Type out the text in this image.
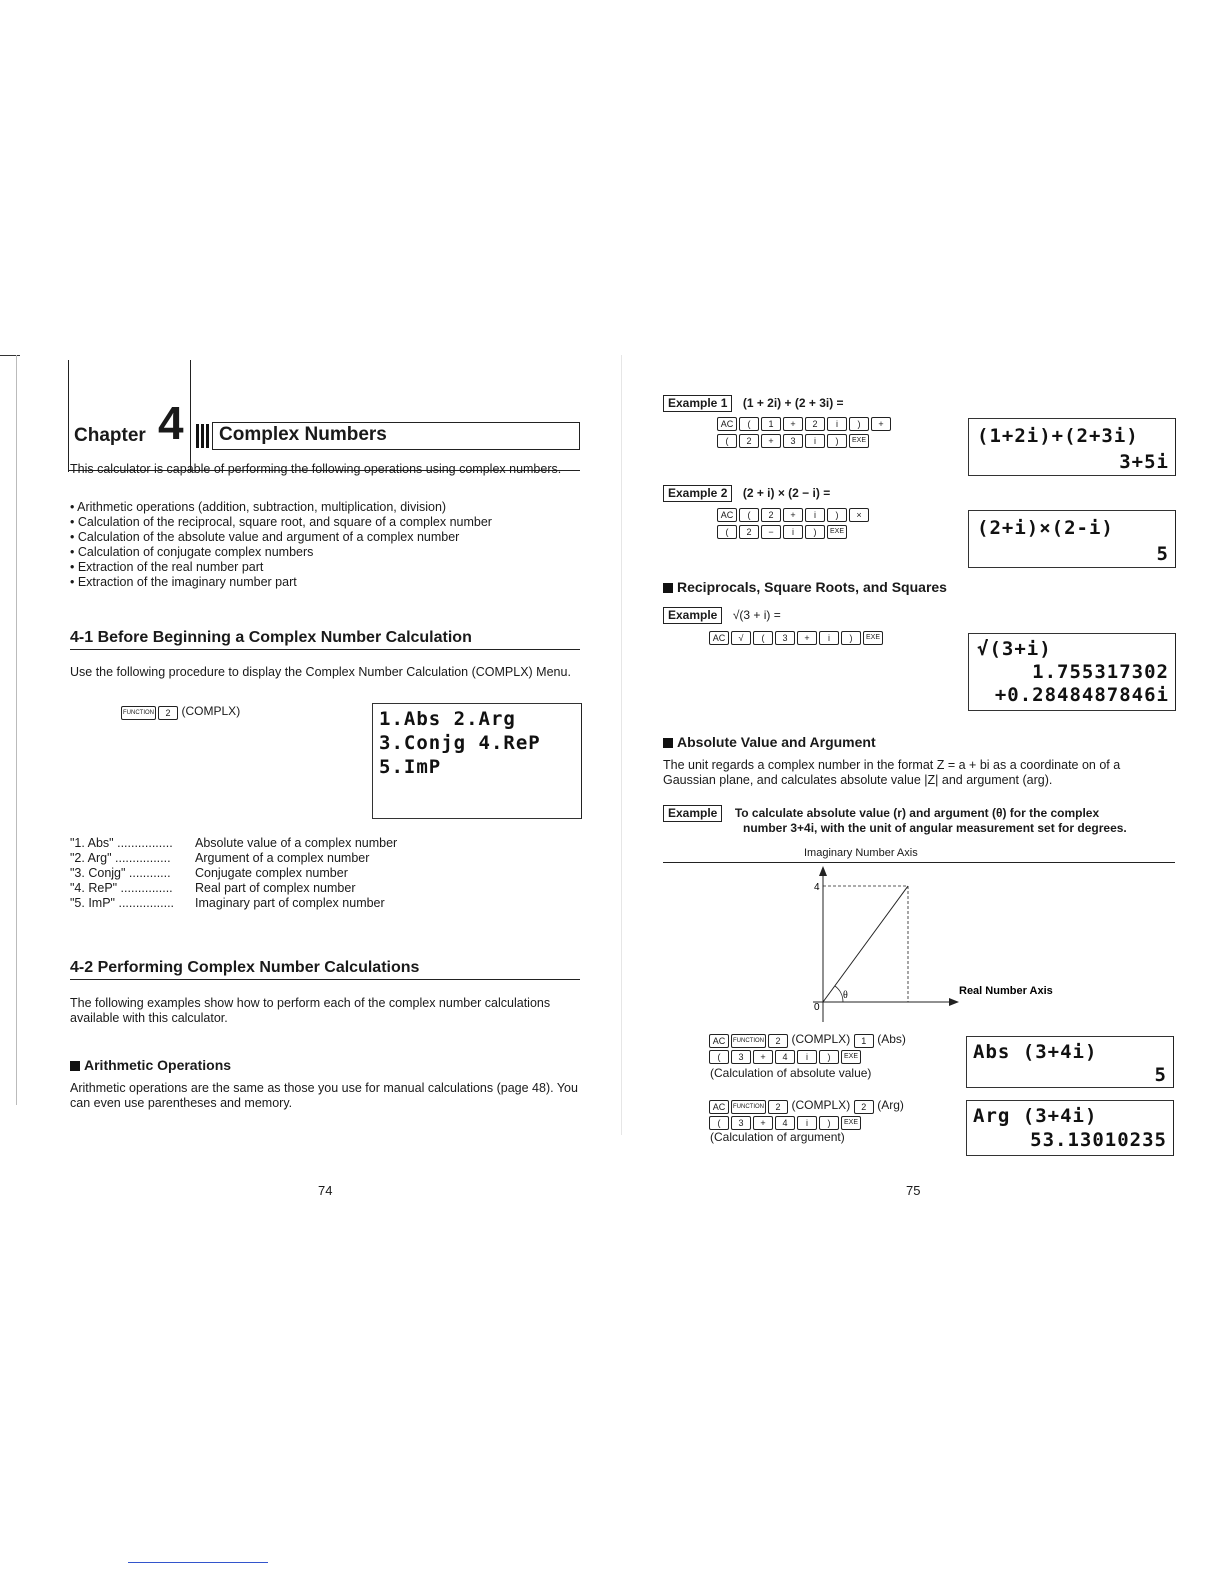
Chapter 4 Complex Numbers
This calculator is capable of performing the following operations using complex numbers.
• Arithmetic operations (addition, subtraction, multiplication, division)
• Calculation of the reciprocal, square root, and square of a complex number
• Calculation of the absolute value and argument of a complex number
• Calculation of conjugate complex numbers
• Extraction of the real number part
• Extraction of the imaginary number part
4-1 Before Beginning a Complex Number Calculation
Use the following procedure to display the Complex Number Calculation (COMPLX) Menu.
FUNCTION 2 (COMPLX)	1.Abs 2.Arg
3.Conjg 4.ReP
5.ImP
"1. Abs" ................ Absolute value of a complex number
"2. Arg" ................ Argument of a complex number
"3. Conjg" ............ Conjugate complex number
"4. ReP" ............... Real part of complex number
"5. ImP" ................ Imaginary part of complex number
4-2 Performing Complex Number Calculations
The following examples show how to perform each of the complex number calculations available with this calculator.
Arithmetic Operations
Arithmetic operations are the same as those you use for manual calculations (page 48). You can even use parentheses and memory.
74
Example 1 (1 + 2i) + (2 + 3i) =
AC ( 1 + 2 i ) +
( 2 + 3 i ) EXE	(1+2i)+(2+3i)
3+5i
Example 2 (2 + i) × (2 − i) =
AC ( 2 + i ) ×
( 2 − i ) EXE	(2+i)×(2-i)
5
Reciprocals, Square Roots, and Squares
Example √(3 + i) =
AC √ ( 3 + i ) EXE
√(3+i)
1.755317302
+0.2848487846i
Absolute Value and Argument
The unit regards a complex number in the format Z = a + bi as a coordinate on of a
Gaussian plane, and calculates absolute value |Z| and argument (arg).
Example To calculate absolute value (r) and argument (θ) for the complex
number 3+4i, with the unit of angular measurement set for degrees.
Imaginary Number Axis
4
0
θ	Real Number Axis
AC FUNCTION 2 (COMPLX) 1 (Abs)
( 3 + 4 i ) EXE
(Calculation of absolute value)
Abs (3+4i)
5
AC FUNCTION 2 (COMPLX) 2 (Arg)
( 3 + 4 i ) EXE
(Calculation of argument)
Arg (3+4i)
53.13010235
75
